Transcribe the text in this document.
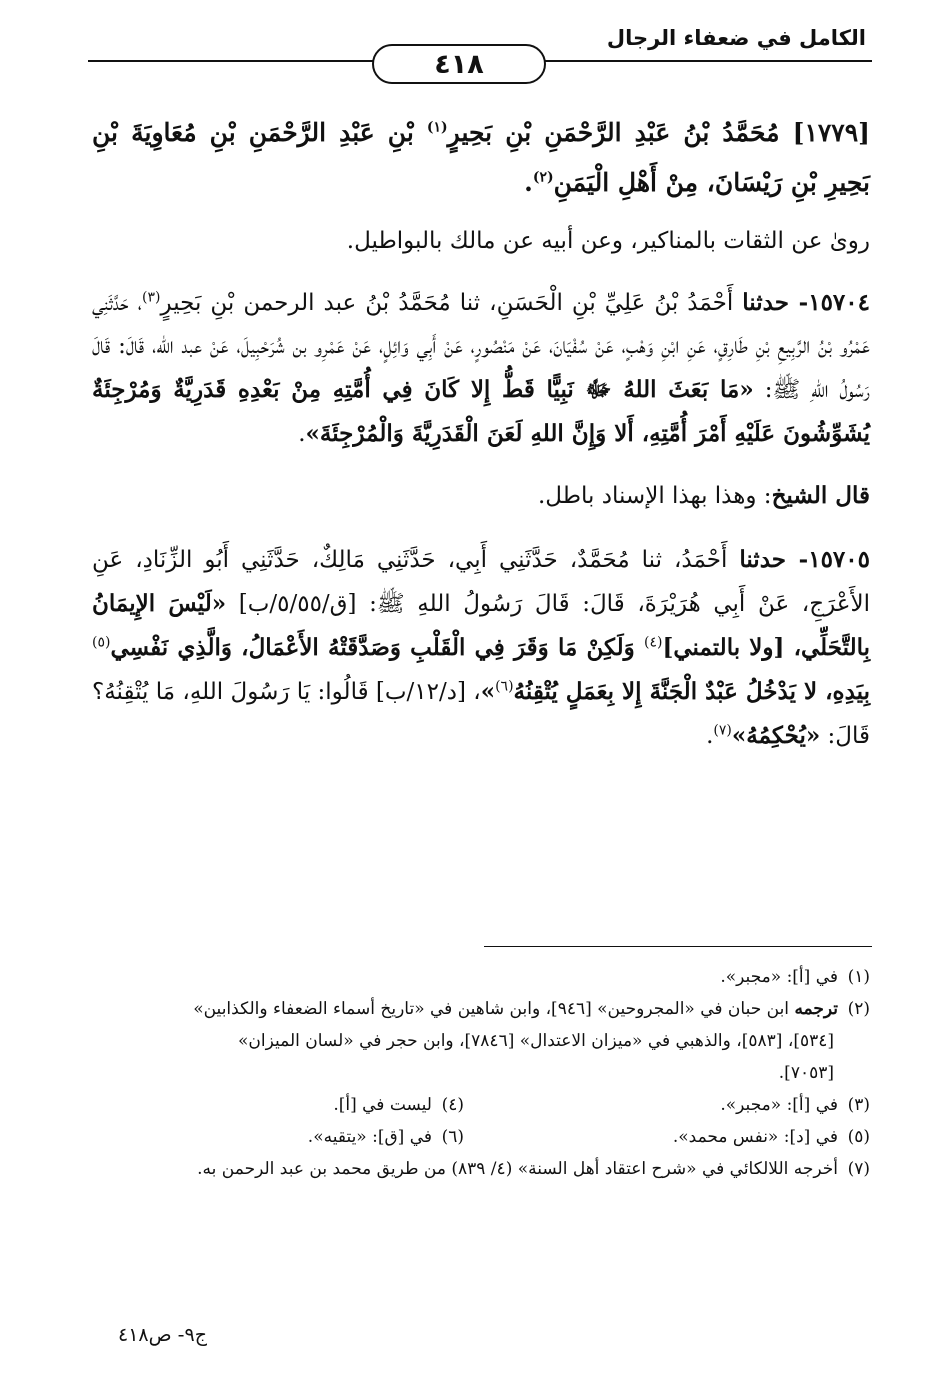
الكامل في ضعفاء الرجال
٤١٨

[١٧٧٩] مُحَمَّدُ بْنُ عَبْدِ الرَّحْمَنِ بْنِ بَحِيرٍ$^{(١)}$ بْنِ عَبْدِ الرَّحْمَنِ بْنِ مُعَاوِيَةَ بْنِ بَحِيرِ بْنِ رَيْسَانَ، مِنْ أَهْلِ الْيَمَنِ$^{(٢)}$.

روىٰ عن الثقات بالمناكير، وعن أبيه عن مالك بالبواطيل.

١٥٧٠٤- حدثنا أَحْمَدُ بْنُ عَلِيِّ بْنِ الْحَسَنِ، ثنا مُحَمَّدُ بْنُ عبد الرحمن بْنِ بَحِيرٍ$^{(٣)}$، حَدَّثَنِي عَمْرُو بْنُ الرَّبِيعِ بْنِ طَارِقٍ، عَنِ ابْنِ وَهْبٍ، عَنْ سُفْيَانَ، عَنْ مَنْصُورٍ، عَنْ أَبِي وَائِلٍ، عَنْ عَمْرِو بن شُرَحْبِيلَ، عَنْ عبد الله، قَالَ: قَالَ رَسُولُ اللهِ ﷺ: «مَا بَعَثَ اللهُ ﷻ نَبِيًّا قَطُّ إِلا كَانَ فِي أُمَّتِهِ مِنْ بَعْدِهِ قَدَرِيَّةٌ وَمُرْجِئَةٌ يُشَوِّشُونَ عَلَيْهِ أَمْرَ أُمَّتِهِ، أَلا وَإِنَّ اللهِ لَعَنَ الْقَدَرِيَّةَ وَالْمُرْجِئَةَ».

قال الشيخ: وهذا بهذا الإسناد باطل.

١٥٧٠٥- حدثنا أَحْمَدُ، ثنا مُحَمَّدٌ، حَدَّثَنِي أَبِي، حَدَّثَنِي مَالِكٌ، حَدَّثَنِي أَبُو الزِّنَادِ، عَنِ الأَعْرَجِ، عَنْ أَبِي هُرَيْرَةَ، قَالَ: قَالَ رَسُولُ اللهِ ﷺ: [ق/٥/٥٥/ب] «لَيْسَ الإِيمَانُ بِالتَّحَلِّي، [ولا بالتمني]$^{(٤)}$ وَلَكِنْ مَا وَقَرَ فِي الْقَلْبِ وَصَدَّقَتْهُ الأَعْمَالُ، وَالَّذِي نَفْسِي$^{(٥)}$ بِيَدِهِ، لا يَدْخُلُ عَبْدٌ الْجَنَّةَ إِلا بِعَمَلٍ يُتْقِنُهُ$^{(٦)}$»، [د/١٢/ب] قَالُوا: يَا رَسُولَ اللهِ، مَا يُتْقِنُهُ؟ قَالَ: «يُحْكِمُهُ»$^{(٧)}$.

(١)في [أ]: «مجبر».

(٢)ترجمه ابن حبان في «المجروحين» [٩٤٦]، وابن شاهين في «تاريخ أسماء الضعفاء والكذابين»

[٥٣٤]، [٥٨٣]، والذهبي في «ميزان الاعتدال» [٧٨٤٦]، وابن حجر في «لسان الميزان»

[٧٠٥٣].

(٣)في [أ]: «مجبر».

(٤)ليست في [أ].

(٥)في [د]: «نفس محمد».

(٦)في [ق]: «يتقيه».

(٧)أخرجه اللالكائي في «شرح اعتقاد أهل السنة» (٤/ ٨٣٩) من طريق محمد بن عبد الرحمن به.

ج٩- ص٤١٨
